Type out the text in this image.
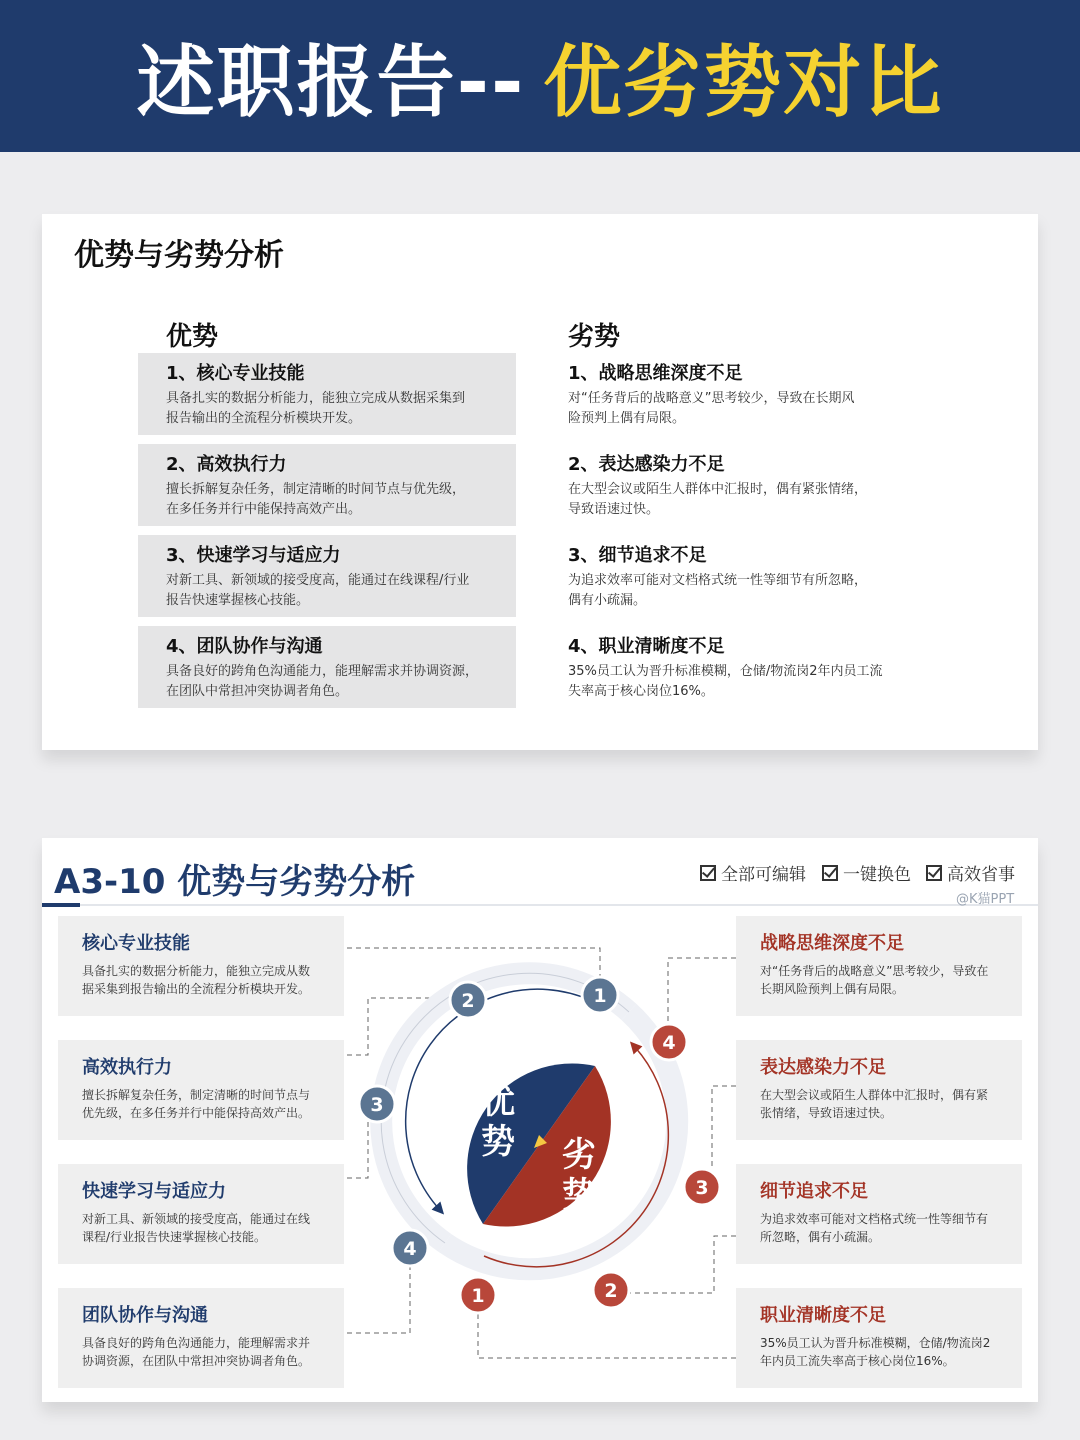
述职报告-- 优劣势对比
优势与劣势分析
优势	劣势
1、核心专业技能
具备扎实的数据分析能力，能独立完成从数据采集到
报告输出的全流程分析模块开发。
2、高效执行力
擅长拆解复杂任务，制定清晰的时间节点与优先级，
在多任务并行中能保持高效产出。
3、快速学习与适应力
对新工具、新领域的接受度高，能通过在线课程/行业
报告快速掌握核心技能。
4、团队协作与沟通
具备良好的跨角色沟通能力，能理解需求并协调资源，
在团队中常担冲突协调者角色。
1、战略思维深度不足
对“任务背后的战略意义”思考较少，导致在长期风
险预判上偶有局限。
2、表达感染力不足
在大型会议或陌生人群体中汇报时，偶有紧张情绪，
导致语速过快。
3、细节追求不足
为追求效率可能对文档格式统一性等细节有所忽略，
偶有小疏漏。
4、职业清晰度不足
35%员工认为晋升标准模糊，仓储/物流岗2年内员工流
失率高于核心岗位16%。
A3-10 优势与劣势分析	全部可编辑 一键换色 高效省事
@K猫PPT
优
势 劣
势
1
2
3
4
4
3
2
1
核心专业技能
具备扎实的数据分析能力，能独立完成从数
据采集到报告输出的全流程分析模块开发。
高效执行力
擅长拆解复杂任务，制定清晰的时间节点与
优先级，在多任务并行中能保持高效产出。
快速学习与适应力
对新工具、新领域的接受度高，能通过在线
课程/行业报告快速掌握核心技能。
团队协作与沟通
具备良好的跨角色沟通能力，能理解需求并
协调资源，在团队中常担冲突协调者角色。
战略思维深度不足
对“任务背后的战略意义”思考较少，导致在
长期风险预判上偶有局限。
表达感染力不足
在大型会议或陌生人群体中汇报时，偶有紧
张情绪，导致语速过快。
细节追求不足
为追求效率可能对文档格式统一性等细节有
所忽略，偶有小疏漏。
职业清晰度不足
35%员工认为晋升标准模糊，仓储/物流岗2
年内员工流失率高于核心岗位16%。
